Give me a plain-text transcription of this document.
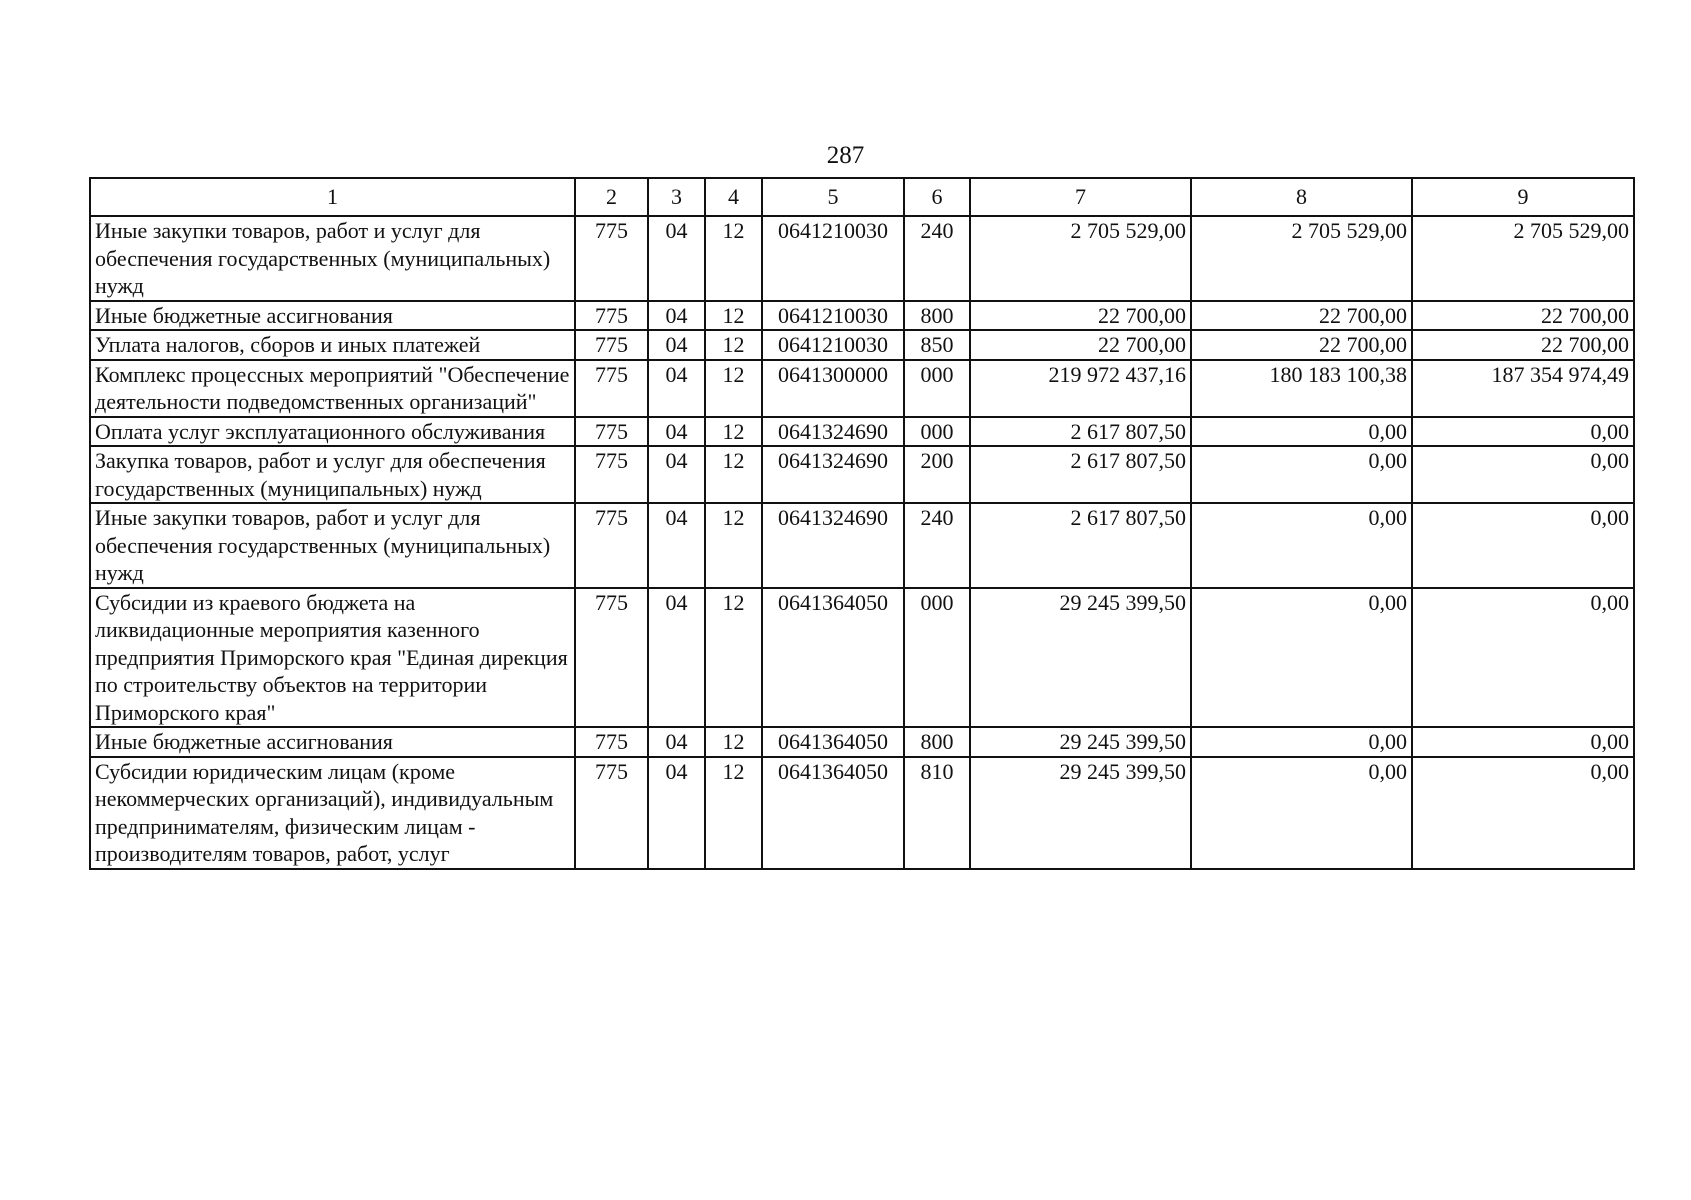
287
1	2	3	4	5	6	7	8	9
Иные закупки товаров, работ и услуг для обеспечения государственных (муниципальных) нужд	775	04	12	0641210030	240	2 705 529,00	2 705 529,00	2 705 529,00
Иные бюджетные ассигнования	775	04	12	0641210030	800	22 700,00	22 700,00	22 700,00
Уплата налогов, сборов и иных платежей	775	04	12	0641210030	850	22 700,00	22 700,00	22 700,00
Комплекс процессных мероприятий "Обеспечение деятельности подведомственных организаций"	775	04	12	0641300000	000	219 972 437,16	180 183 100,38	187 354 974,49
Оплата услуг эксплуатационного обслуживания	775	04	12	0641324690	000	2 617 807,50	0,00	0,00
Закупка товаров, работ и услуг для обеспечения государственных (муниципальных) нужд	775	04	12	0641324690	200	2 617 807,50	0,00	0,00
Иные закупки товаров, работ и услуг для обеспечения государственных (муниципальных) нужд	775	04	12	0641324690	240	2 617 807,50	0,00	0,00
Субсидии из краевого бюджета на ликвидационные мероприятия казенного предприятия Приморского края "Единая дирекция по строительству объектов на территории Приморского края"	775	04	12	0641364050	000	29 245 399,50	0,00	0,00
Иные бюджетные ассигнования	775	04	12	0641364050	800	29 245 399,50	0,00	0,00
Субсидии юридическим лицам (кроме некоммерческих организаций), индивидуальным предпринимателям, физическим лицам - производителям товаров, работ, услуг	775	04	12	0641364050	810	29 245 399,50	0,00	0,00
